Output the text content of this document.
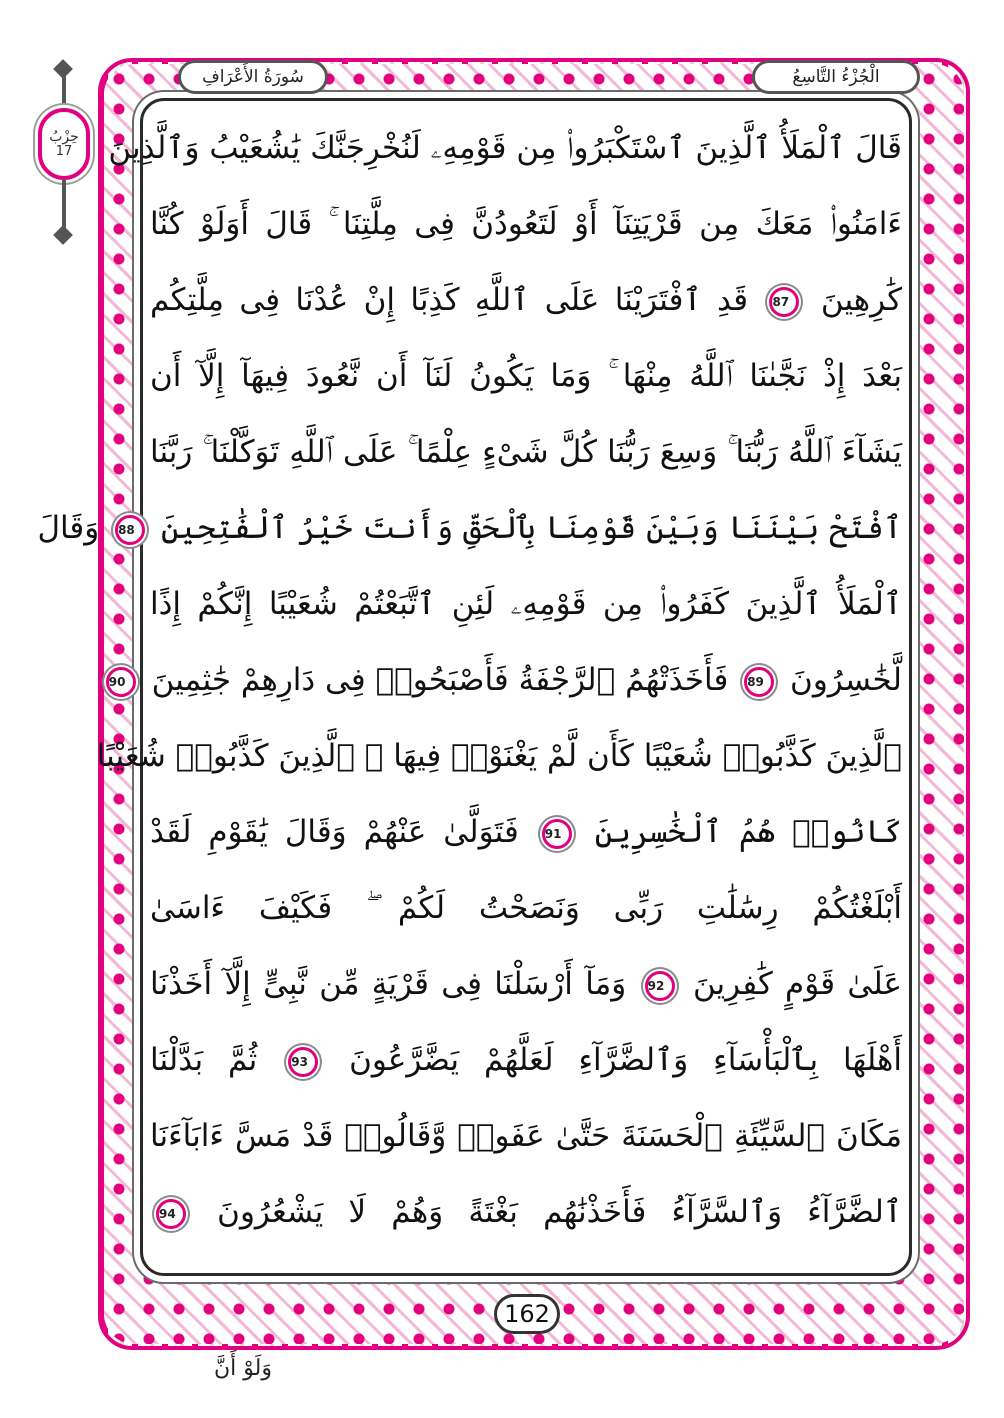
الْجُزْءُ التَّاسِعُ
سُورَةُ الأَعْرَافِ
حِزْبُ
17 قَالَ ٱلْمَلَأُ ٱلَّذِينَ ٱسْتَكْبَرُوا۟ مِن قَوْمِهِۦ لَنُخْرِجَنَّكَ يَٰشُعَيْبُ وَٱلَّذِينَ
ءَامَنُوا۟ مَعَكَ مِن قَرْيَتِنَآ أَوْ لَتَعُودُنَّ فِى مِلَّتِنَا ۚ قَالَ أَوَلَوْ كُنَّا
كَٰرِهِينَ 87 قَدِ ٱفْتَرَيْنَا عَلَى ٱللَّهِ كَذِبًا إِنْ عُدْنَا فِى مِلَّتِكُم
بَعْدَ إِذْ نَجَّىٰنَا ٱللَّهُ مِنْهَا ۚ وَمَا يَكُونُ لَنَآ أَن نَّعُودَ فِيهَآ إِلَّآ أَن
يَشَآءَ ٱللَّهُ رَبُّنَا ۚ وَسِعَ رَبُّنَا كُلَّ شَىْءٍ عِلْمًا ۚ عَلَى ٱللَّهِ تَوَكَّلْنَا ۚ رَبَّنَا
ٱفْتَحْ بَيْنَنَا وَبَيْنَ قَوْمِنَا بِٱلْحَقِّ وَأَنتَ خَيْرُ ٱلْفَٰتِحِينَ 88 وَقَالَ
ٱلْمَلَأُ ٱلَّذِينَ كَفَرُوا۟ مِن قَوْمِهِۦ لَئِنِ ٱتَّبَعْتُمْ شُعَيْبًا إِنَّكُمْ إِذًا
لَّخَٰسِرُونَ 89 فَأَخَذَتْهُمُ ٱلرَّجْفَةُ فَأَصْبَحُوا۟ فِى دَارِهِمْ جَٰثِمِينَ 90
ٱلَّذِينَ كَذَّبُوا۟ شُعَيْبًا كَأَن لَّمْ يَغْنَوْا۟ فِيهَا ۚ ٱلَّذِينَ كَذَّبُوا۟ شُعَيْبًا
كَانُوا۟ هُمُ ٱلْخَٰسِرِينَ 91 فَتَوَلَّىٰ عَنْهُمْ وَقَالَ يَٰقَوْمِ لَقَدْ
أَبْلَغْتُكُمْ رِسَٰلَٰتِ رَبِّى وَنَصَحْتُ لَكُمْ ۖ فَكَيْفَ ءَاسَىٰ
عَلَىٰ قَوْمٍ كَٰفِرِينَ 92 وَمَآ أَرْسَلْنَا فِى قَرْيَةٍ مِّن نَّبِىٍّ إِلَّآ أَخَذْنَا
أَهْلَهَا بِٱلْبَأْسَآءِ وَٱلضَّرَّآءِ لَعَلَّهُمْ يَضَّرَّعُونَ 93 ثُمَّ بَدَّلْنَا
مَكَانَ ٱلسَّيِّئَةِ ٱلْحَسَنَةَ حَتَّىٰ عَفَوا۟ وَّقَالُوا۟ قَدْ مَسَّ ءَابَآءَنَا
ٱلضَّرَّآءُ وَٱلسَّرَّآءُ فَأَخَذْنَٰهُم بَغْتَةً وَهُمْ لَا يَشْعُرُونَ 94
162
وَلَوْ أَنَّ
